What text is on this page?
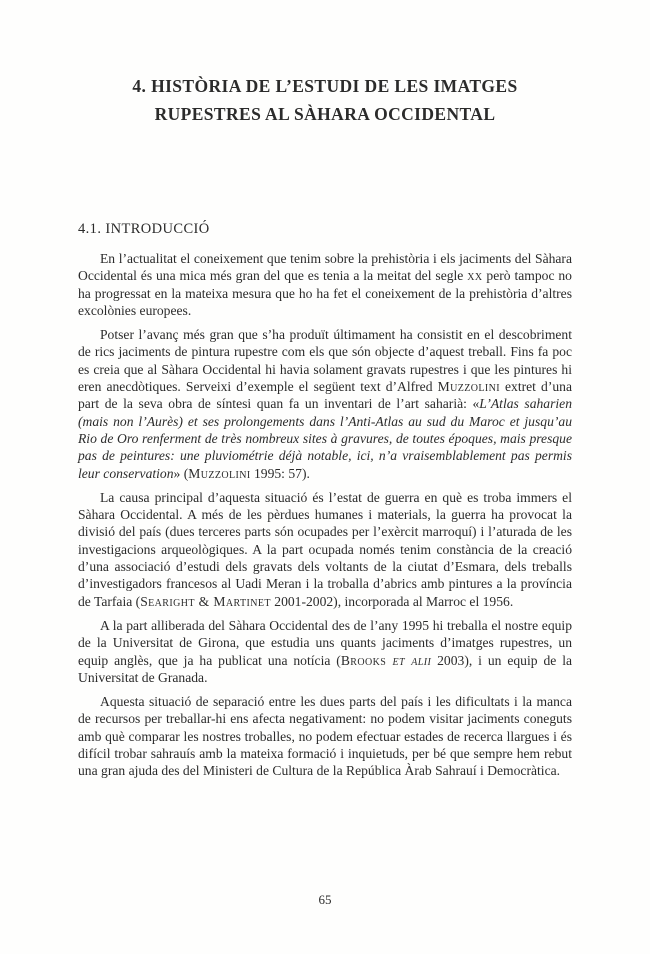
4. HISTÒRIA DE L’ESTUDI DE LES IMATGES
RUPESTRES AL SÀHARA OCCIDENTAL
4.1. INTRODUCCIÓ

En l’actualitat el coneixement que tenim sobre la prehistòria i els jaciments del Sàhara Occidental és una mica més gran del que es tenia a la meitat del segle xx però tampoc no ha progressat en la mateixa mesura que ho ha fet el coneixement de la prehistòria d’altres excolònies europees.

Potser l’avanç més gran que s’ha produït últimament ha consistit en el descobriment de rics jaciments de pintura rupestre com els que són objecte d’aquest treball. Fins fa poc es creia que al Sàhara Occidental hi havia solament gravats rupestres i que les pintures hi eren anecdòtiques. Serveixi d’exemple el següent text d’Alfred Muzzolini extret d’una part de la seva obra de síntesi quan fa un inventari de l’art saharià: «L’Atlas saharien (mais non l’Aurès) et ses prolongements dans l’Anti-Atlas au sud du Maroc et jusqu’au Rio de Oro renferment de très nombreux sites à gravures, de toutes époques, mais presque pas de peintures: une pluviométrie déjà notable, ici, n’a vraisemblablement pas permis leur conservation» (Muzzolini 1995: 57).

La causa principal d’aquesta situació és l’estat de guerra en què es troba immers el Sàhara Occidental. A més de les pèrdues humanes i materials, la guerra ha provocat la divisió del país (dues terceres parts són ocupades per l’exèrcit marroquí) i l’aturada de les investigacions arqueològiques. A la part ocupada només tenim constància de la creació d’una associació d’estudi dels gravats dels voltants de la ciutat d’Esmara, dels treballs d’investigadors francesos al Uadi Meran i la troballa d’abrics amb pintures a la província de Tarfaia (Searight & Martinet 2001-2002), incorporada al Marroc el 1956.

A la part alliberada del Sàhara Occidental des de l’any 1995 hi treballa el nostre equip de la Universitat de Girona, que estudia uns quants jaciments d’imatges rupestres, un equip anglès, que ja ha publicat una notícia (Brooks et alii 2003), i un equip de la Universitat de Granada.

Aquesta situació de separació entre les dues parts del país i les dificultats i la manca de recursos per treballar-hi ens afecta negativament: no podem visitar jaciments coneguts amb què comparar les nostres troballes, no podem efectuar estades de recerca llargues i és difícil trobar sahrauís amb la mateixa formació i inquietuds, per bé que sempre hem rebut una gran ajuda des del Ministeri de Cultura de la República Àrab Sahrauí i Democràtica.

65
